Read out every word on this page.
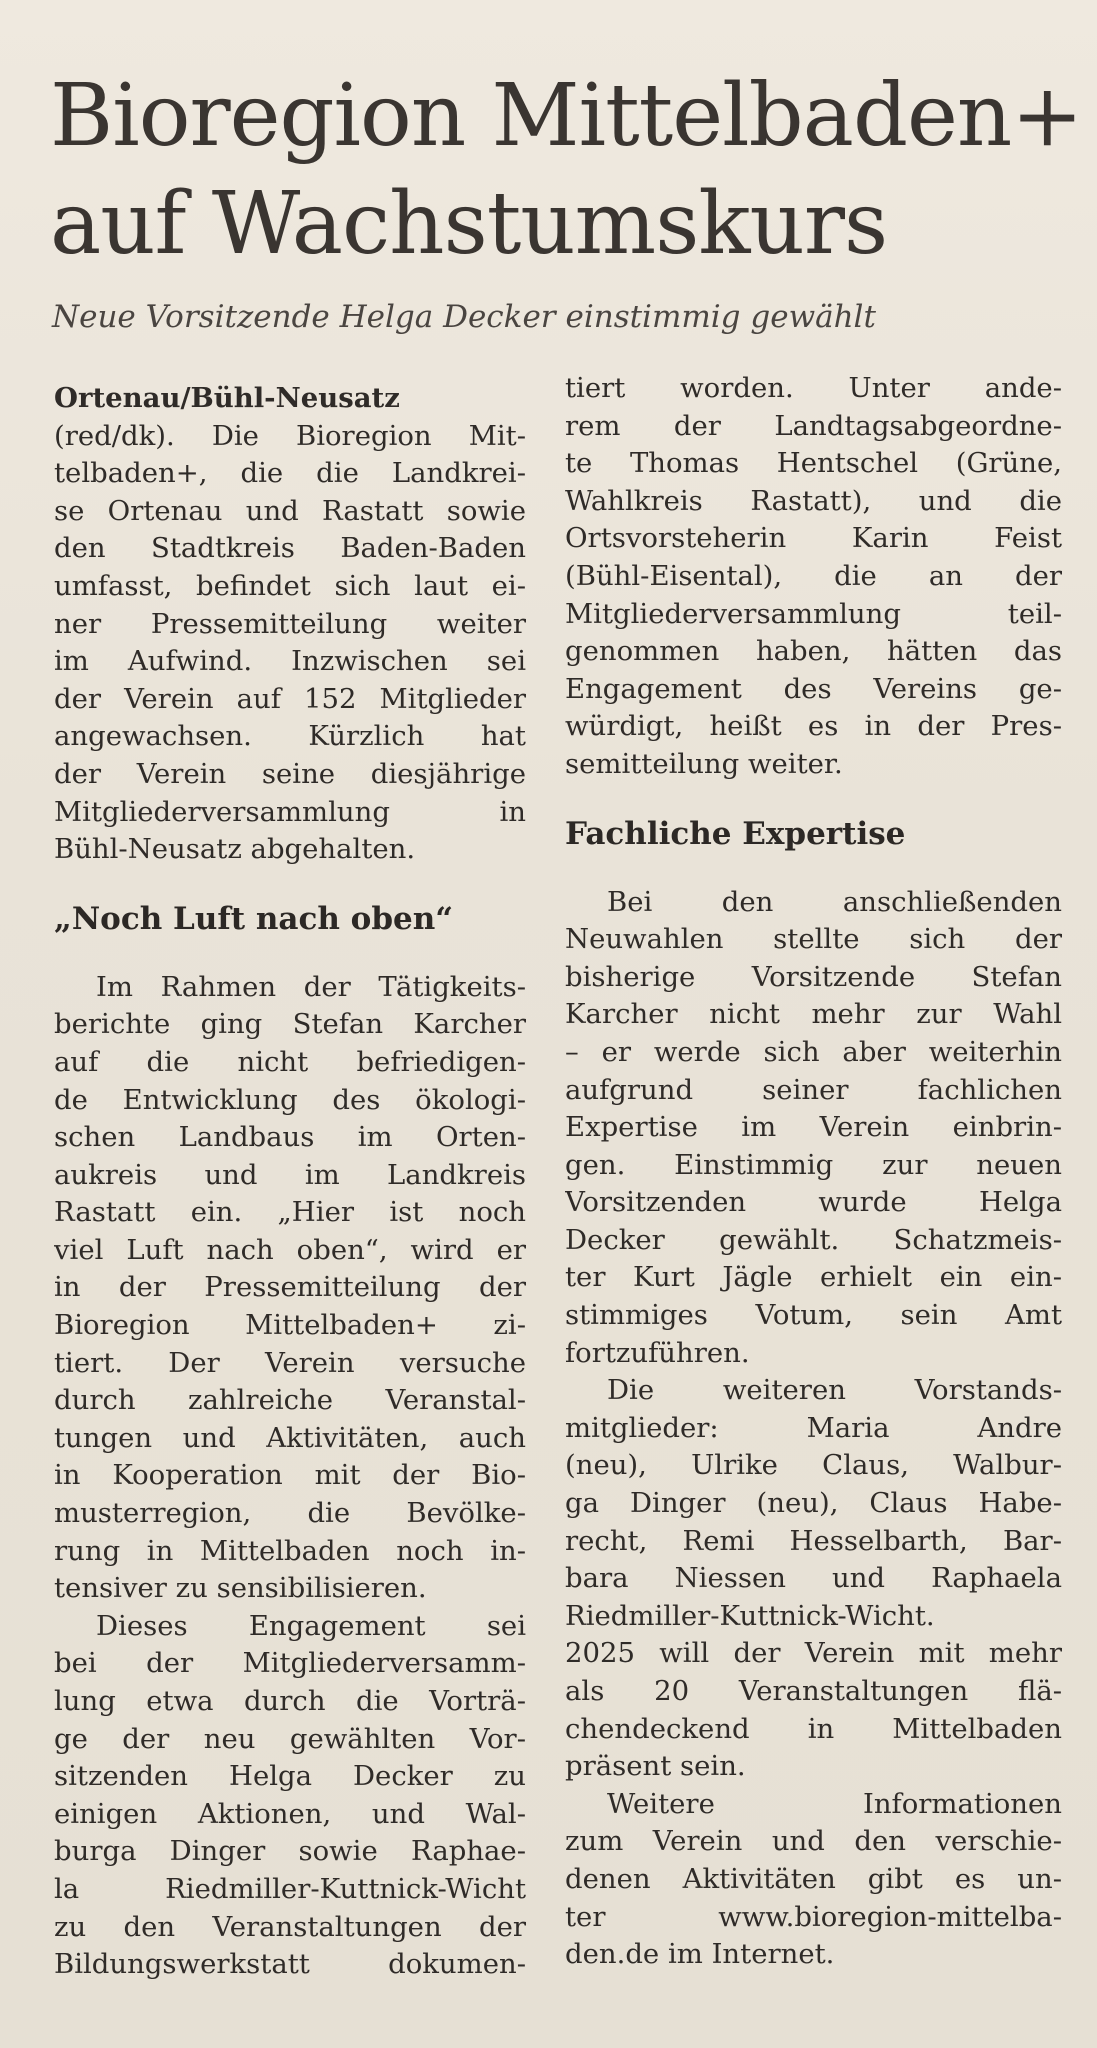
Bioregion Mittelbaden+
auf Wachstumskurs
Neue Vorsitzende Helga Decker einstimmig gewählt
Ortenau/Bühl-Neusatz
(red/dk). Die Bioregion Mit-
telbaden+, die die Landkrei-
se Ortenau und Rastatt sowie
den Stadtkreis Baden-Baden
umfasst, befindet sich laut ei-
ner Pressemitteilung weiter
im Aufwind. Inzwischen sei
der Verein auf 152 Mitglieder
angewachsen. Kürzlich hat
der Verein seine diesjährige
Mitgliederversammlung in
Bühl-Neusatz abgehalten.
„Noch Luft nach oben“
Im Rahmen der Tätigkeits-
berichte ging Stefan Karcher
auf die nicht befriedigen-
de Entwicklung des ökologi-
schen Landbaus im Orten-
aukreis und im Landkreis
Rastatt ein. „Hier ist noch
viel Luft nach oben“, wird er
in der Pressemitteilung der
Bioregion Mittelbaden+ zi-
tiert. Der Verein versuche
durch zahlreiche Veranstal-
tungen und Aktivitäten, auch
in Kooperation mit der Bio-
musterregion, die Bevölke-
rung in Mittelbaden noch in-
tensiver zu sensibilisieren.
Dieses Engagement sei
bei der Mitgliederversamm-
lung etwa durch die Vorträ-
ge der neu gewählten Vor-
sitzenden Helga Decker zu
einigen Aktionen, und Wal-
burga Dinger sowie Raphae-
la Riedmiller-Kuttnick-Wicht
zu den Veranstaltungen der
Bildungswerkstatt dokumen-
tiert worden. Unter ande-
rem der Landtagsabgeordne-
te Thomas Hentschel (Grüne,
Wahlkreis Rastatt), und die
Ortsvorsteherin Karin Feist
(Bühl-Eisental), die an der
Mitgliederversammlung teil-
genommen haben, hätten das
Engagement des Vereins ge-
würdigt, heißt es in der Pres-
semitteilung weiter.
Fachliche Expertise
Bei den anschließenden
Neuwahlen stellte sich der
bisherige Vorsitzende Stefan
Karcher nicht mehr zur Wahl
– er werde sich aber weiterhin
aufgrund seiner fachlichen
Expertise im Verein einbrin-
gen. Einstimmig zur neuen
Vorsitzenden wurde Helga
Decker gewählt. Schatzmeis-
ter Kurt Jägle erhielt ein ein-
stimmiges Votum, sein Amt
fortzuführen.
Die weiteren Vorstands-
mitglieder: Maria Andre
(neu), Ulrike Claus, Walbur-
ga Dinger (neu), Claus Habe-
recht, Remi Hesselbarth, Bar-
bara Niessen und Raphaela
Riedmiller-Kuttnick-Wicht.
2025 will der Verein mit mehr
als 20 Veranstaltungen flä-
chendeckend in Mittelbaden
präsent sein.
Weitere Informationen
zum Verein und den verschie-
denen Aktivitäten gibt es un-
ter www.bioregion-mittelba-
den.de im Internet.
